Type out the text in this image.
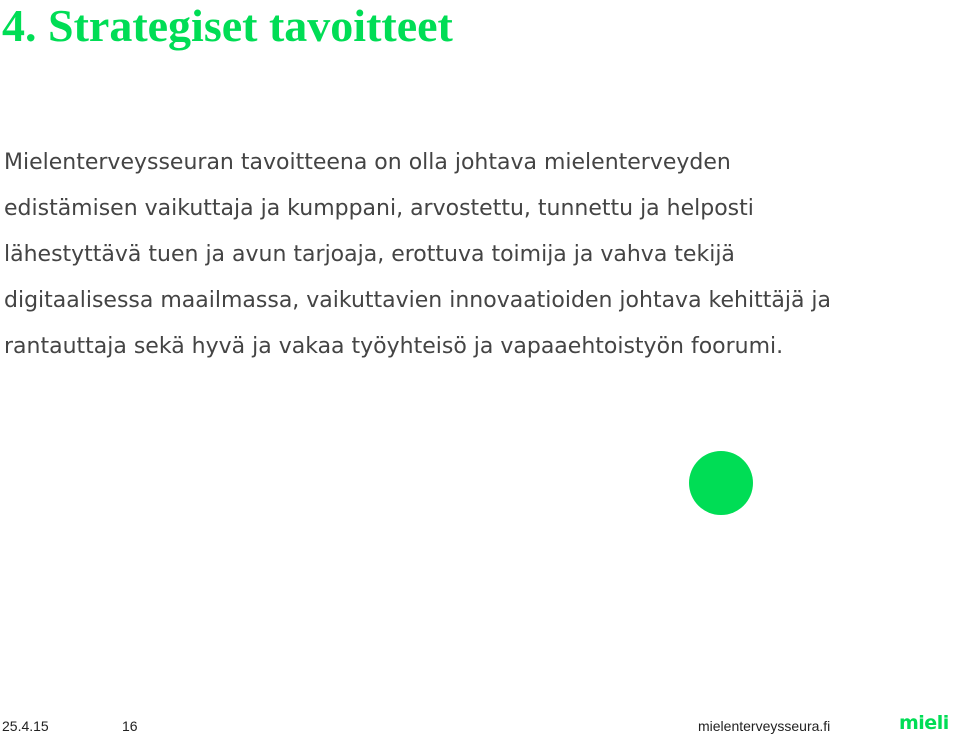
4. Strategiset tavoitteet

Mielenterveysseuran tavoitteena on olla johtava mielenterveyden
edistämisen vaikuttaja ja kumppani, arvostettu, tunnettu ja helposti
lähestyttävä tuen ja avun tarjoaja, erottuva toimija ja vahva tekijä
digitaalisessa maailmassa, vaikuttavien innovaatioiden johtava kehittäjä ja
rantauttaja sekä hyvä ja vakaa työyhteisö ja vapaaehtoistyön foorumi.

25.4.15	16	mielenterveysseura.fi	mieli
